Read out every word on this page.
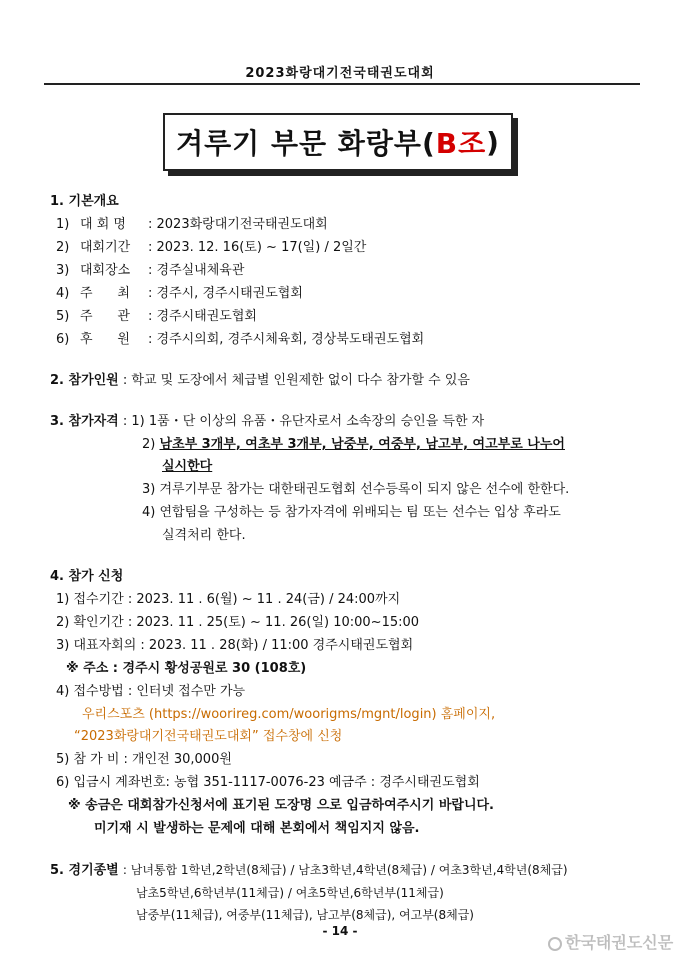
2023화랑대기전국태권도대회
겨루기 부문 화랑부( B조 )
1. 기본개요
1) 대 회 명 : 2023화랑대기전국태권도대회
2) 대회기간 : 2023. 12. 16(토) ~ 17(일) / 2일간
3) 대회장소 : 경주실내체육관
4) 주      최 : 경주시, 경주시태권도협회
5) 주      관 : 경주시태권도협회
6) 후      원 : 경주시의회, 경주시체육회, 경상북도태권도협회
2. 참가인원 : 학교 및 도장에서 체급별 인원제한 없이 다수 참가할 수 있음
3. 참가자격 : 1) 1품・단 이상의 유품・유단자로서 소속장의 승인을 득한 자
2) 남초부 3개부, 여초부 3개부, 남중부, 여중부, 남고부, 여고부로 나누어
실시한다
3) 겨루기부문 참가는 대한태권도협회 선수등록이 되지 않은 선수에 한한다.
4) 연합팀을 구성하는 등 참가자격에 위배되는 팀 또는 선수는 입상 후라도
실격처리 한다.
4. 참가 신청
1) 접수기간 : 2023. 11 . 6(월) ~ 11 . 24(금) / 24:00까지
2) 확인기간 : 2023. 11 . 25(토) ~ 11. 26(일) 10:00~15:00
3) 대표자회의 : 2023. 11 . 28(화) / 11:00 경주시태권도협회
※ 주소 : 경주시 황성공원로 30 (108호)
4) 접수방법 : 인터넷 접수만 가능
우리스포츠 (https://woorireg.com/woorigms/mgnt/login) 홈페이지,
“2023화랑대기전국태권도대회” 접수창에 신청
5) 참 가 비 : 개인전 30,000원
6) 입금시 계좌번호: 농협 351-1117-0076-23 예금주 : 경주시태권도협회
※ 송금은 대회참가신청서에 표기된 도장명 으로 입금하여주시기 바랍니다.
미기재 시 발생하는 문제에 대해 본회에서 책임지지 않음.
5. 경기종별 : 남녀통합 1학년,2학년(8체급) / 남초3학년,4학년(8체급) / 여초3학년,4학년(8체급)
남초5학년,6학년부(11체급) / 여초5학년,6학년부(11체급)
남중부(11체급), 여중부(11체급), 남고부(8체급), 여고부(8체급)
- 14 -
한국태권도신문
